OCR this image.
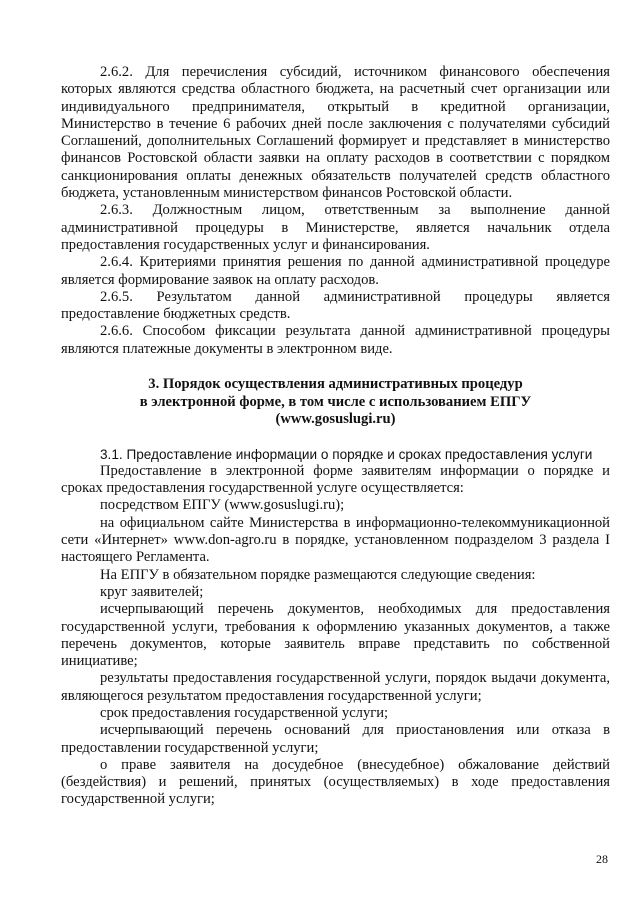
2.6.2. Для перечисления субсидий, источником финансового обеспечения которых являются средства областного бюджета, на расчетный счет организации или индивидуального предпринимателя, открытый в кредитной организации, Министерство в течение 6 рабочих дней после заключения с получателями субсидий Соглашений, дополнительных Соглашений формирует и представляет в министерство финансов Ростовской области заявки на оплату расходов в соответствии с порядком санкционирования оплаты денежных обязательств получателей средств областного бюджета, установленным министерством финансов Ростовской области.

2.6.3. Должностным лицом, ответственным за выполнение данной административной процедуры в Министерстве, является начальник отдела предоставления государственных услуг и финансирования.

2.6.4. Критериями принятия решения по данной административной процедуре является формирование заявок на оплату расходов.

2.6.5. Результатом данной административной процедуры является предоставление бюджетных средств.

2.6.6. Способом фиксации результата данной административной процедуры являются платежные документы в электронном виде.

3. Порядок осуществления административных процедур
в электронной форме, в том числе с использованием ЕПГУ
(www.gosuslugi.ru)

3.1. Предоставление информации о порядке и сроках предоставления услуги

Предоставление в электронной форме заявителям информации о порядке и сроках предоставления государственной услуге осуществляется:

посредством ЕПГУ (www.gosuslugi.ru);

на официальном сайте Министерства в информационно-телекоммуникационной сети «Интернет» www.don-agro.ru в порядке, установленном подразделом 3 раздела I настоящего Регламента.

На ЕПГУ в обязательном порядке размещаются следующие сведения:

круг заявителей;

исчерпывающий перечень документов, необходимых для предоставления государственной услуги, требования к оформлению указанных документов, а также перечень документов, которые заявитель вправе представить по собственной инициативе;

результаты предоставления государственной услуги, порядок выдачи документа, являющегося результатом предоставления государственной услуги;

срок предоставления государственной услуги;

исчерпывающий перечень оснований для приостановления или отказа в предоставлении государственной услуги;

о праве заявителя на досудебное (внесудебное) обжалование действий (бездействия) и решений, принятых (осуществляемых) в ходе предоставления государственной услуги;

28
